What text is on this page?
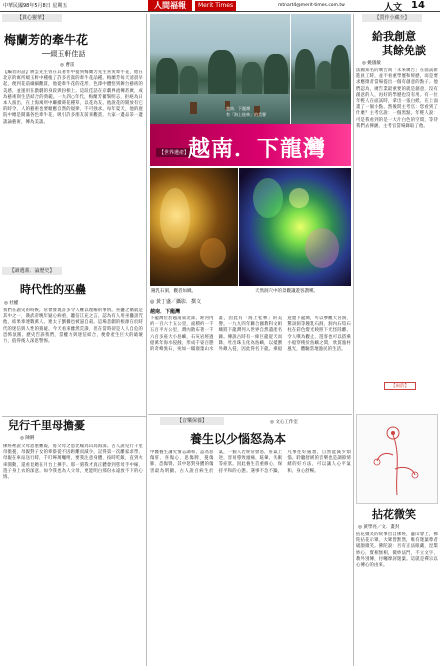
中華民國98年5月8日 星期五	人間福報	Merit Times	mtnart4@merit-times.com.tw	人文 14
【貫心靈華】
梅蘭芳的牽牛花
──綴玉軒佳話
◎ 曹雷
【編者的話】蔣雲先生曾在其著作中提到梅蘭芳先生喜愛牽牛花，他在北京的寓所綴玉軒中種植了許多名貴的牽牛花品種。梅蘭芳每天清晨早起，便到花前細細觀賞，他從牽牛花的花形、色澤中體悟到舞台藝術的美感，並運用在戲劇的身段與扮相上。這段佳話在京劇界流傳甚廣，成為藝術與生活結合的典範。一九四○年代，梅蘭芳蓄鬚明志，拒絕為日本人演出，在上海寓所中繼續蒔花種草，以花為友。他說花的開放有它的時令，人的藝術也要順應自然的規律，不可強求。每年夏天，他的庭院中總是開滿各色牽牛花，吸引許多朋友前來觀賞，大家一邊品茶一邊談論藝術，傳為美談。
【讀遺義．論歷史】
時代性的巫蠱
◎ 杜權
我們在讀史的時候，常會發現許多令人難以理解的事情。巫蠱之禍就是其中之一，漢武帝晚年疑心病重，聽信江充之言，認為有人用巫蠱詛咒他，結果牽連數萬人，連太子劉據也被逼自殺。這場悲劇的根源在於時代的迷信與人性的猜疑。今天看來雖然荒謬，但在當時卻是人人自危的恐怖氛圍。歷史告訴我們，當權力與迷信結合，便會產生巨大的破壞力，值得後人深思警惕。
兒行千里母擔憂
◎ 陳俐
佛經裡說父母恩重難報，將父母之恩比喻為山高海深。古人說兒行千里母擔憂，母親對子女的牽掛從不因距離而減少。記得第一次離家求學，母親在車站送行時，千叮嚀萬囑咐，要我注意身體、按時吃飯，直到火車開動，還看見她在月台上揮手。那一刻我才真正體會到慈母手中線，遊子身上衣的深意。如今我也為人父母，更能明白那份永遠放不下的心情。
越南．下龍灣
有「海上桂林」的美譽
【世界遺產】
越南．下龍灣
鐘乳石洞，觀者如織。	天然洞穴中的景觀讓遊客讚嘆。
◎ 黃丁盛／攝影．撰文
越南．下龍灣
下龍灣位於越南東北部，距河內約一百六十五公里，面積約一千五百平方公里，灣內散布著一千六百多座大小島嶼，石灰岩經過億萬年海水侵蝕，形成千姿百態的奇峰異石，宛如一幅潑墨山水畫，因此有「海上桂林」的美譽。一九九四年聯合國教科文組織將下龍灣列入世界自然遺產名錄。傳說古時有一條巨龍從天而降，吐出珠玉化為島嶼，以抵禦外敵入侵，因此得名下龍。乘船遊覽下龍灣，可以參觀天宮洞、驚訝洞等鐘乳石洞，洞內石筍石柱在彩色燈光映照下光怪陸離，令人嘆為觀止。遊客也可以搭乘小船穿梭於島嶼之間，欣賞漁村風光，體驗當地漁民的生活。
【音樂保養】
養生以少惱怒為本
◎ 文心工作室
中醫養生講究情志調和，認為怒傷肝、喜傷心、思傷脾、憂傷肺、恐傷腎。其中怒對身體的傷害最為明顯。古人說百病生於氣，一個人若經常發怒，肝氣上逆，容易導致頭痛、眩暈、失眠等症狀。因此養生首重修心，保持平和的心態。遇事不急不躁，凡事往好處想，自然能減少煩惱。聆聽舒緩的音樂也是調節情緒的好方法，可以讓人心平氣和，身心舒暢。
【質作小藏全】
給我創意
其餘免談
◎ 姚儀敏
法國知名的廣告商「未來廣告」在面試新進員工時，並不看重學歷和經歷，而是要求應徵者當場提出一個有創意的點子。他們認為，廣告業最重要的就是創意，沒有創意的人，再好的學歷也沒有用。有一位年輕人在面試時，拿出一張白紙，在上面畫了一個小點，然後問主考官：您看到了什麼？主考官說：一個黑點。年輕人說：可是我看到的是一大片白色的空間，等待我們去揮灑。主考官當場錄取了他。
【兩韵】
拈花微笑
◎ 黃學亮／文．畫封
拈花微笑的故事出自佛經，靈山會上，佛陀拈花示眾，大眾皆默然，唯有迦葉尊者破顏微笑。佛陀說：吾有正法眼藏，涅槃妙心，實相無相，微妙法門，不立文字，教外別傳，付囑摩訶迦葉。這就是禪宗以心傳心的由來。
